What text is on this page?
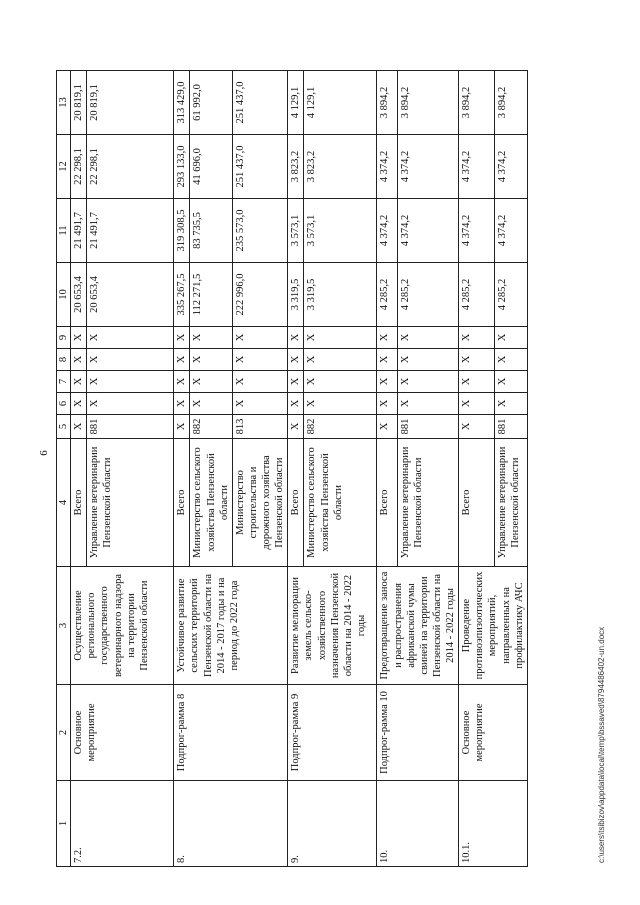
6
1	2	3	4	5	6	7	8	9	10	11	12	13
7.2.	Основное мероприятие	Осуществление регионального государственного ветеринарного надзора на территории Пензенской области	Всего	X	X	X	X	X	20 653,4	21 491,7	22 298,1	20 819,1
			Управление ветеринарии Пензенской области	881	X	X	X	X	20 653,4	21 491,7	22 298,1	20 819,1
8.	Подпрог-рамма 8	Устойчивое развитие сельских территорий Пензенской области на 2014 - 2017 годы и на период до 2022 года	Всего	X	X	X	X	X	335 267,5	319 308,5	293 133,0	313 429,0
			Министерство сельского хозяйства Пензенской области	882	X	X	X	X	112 271,5	83 735,5	41 696,0	61 992,0
			Министерство строительства и дорожного хозяйства Пензенской области	813	X	X	X	X	222 996,0	235 573,0	251 437,0	251 437,0
9.	Подпрог-рамма 9	Развитие мелиорации земель сельско-хозяйственного назначения Пензенской области на 2014 - 2022 годы	Всего	X	X	X	X	X	3 319,5	3 573,1	3 823,2	4 129,1
			Министерство сельского хозяйства Пензенской области	882	X	X	X	X	3 319,5	3 573,1	3 823,2	4 129,1
10.	Подпрог-рамма 10	Предотвращение заноса и распространения африканской чумы свиней на территории Пензенской области на 2014 - 2022 годы	Всего	X	X	X	X	X	4 285,2	4 374,2	4 374,2	3 894,2
			Управление ветеринарии Пензенской области	881	X	X	X	X	4 285,2	4 374,2	4 374,2	3 894,2
10.1.	Основное мероприятие	Проведение противоэпизоотических мероприятий, направленных на профилактику АЧС	Всего	X	X	X	X	X	4 285,2	4 374,2	4 374,2	3 894,2
			Управление ветеринарии Пензенской области	881	X	X	X	X	4 285,2	4 374,2	4 374,2	3 894,2
c:\users\tsibizov\appdata\local\temp\bssaved\8794486402-un.docx
